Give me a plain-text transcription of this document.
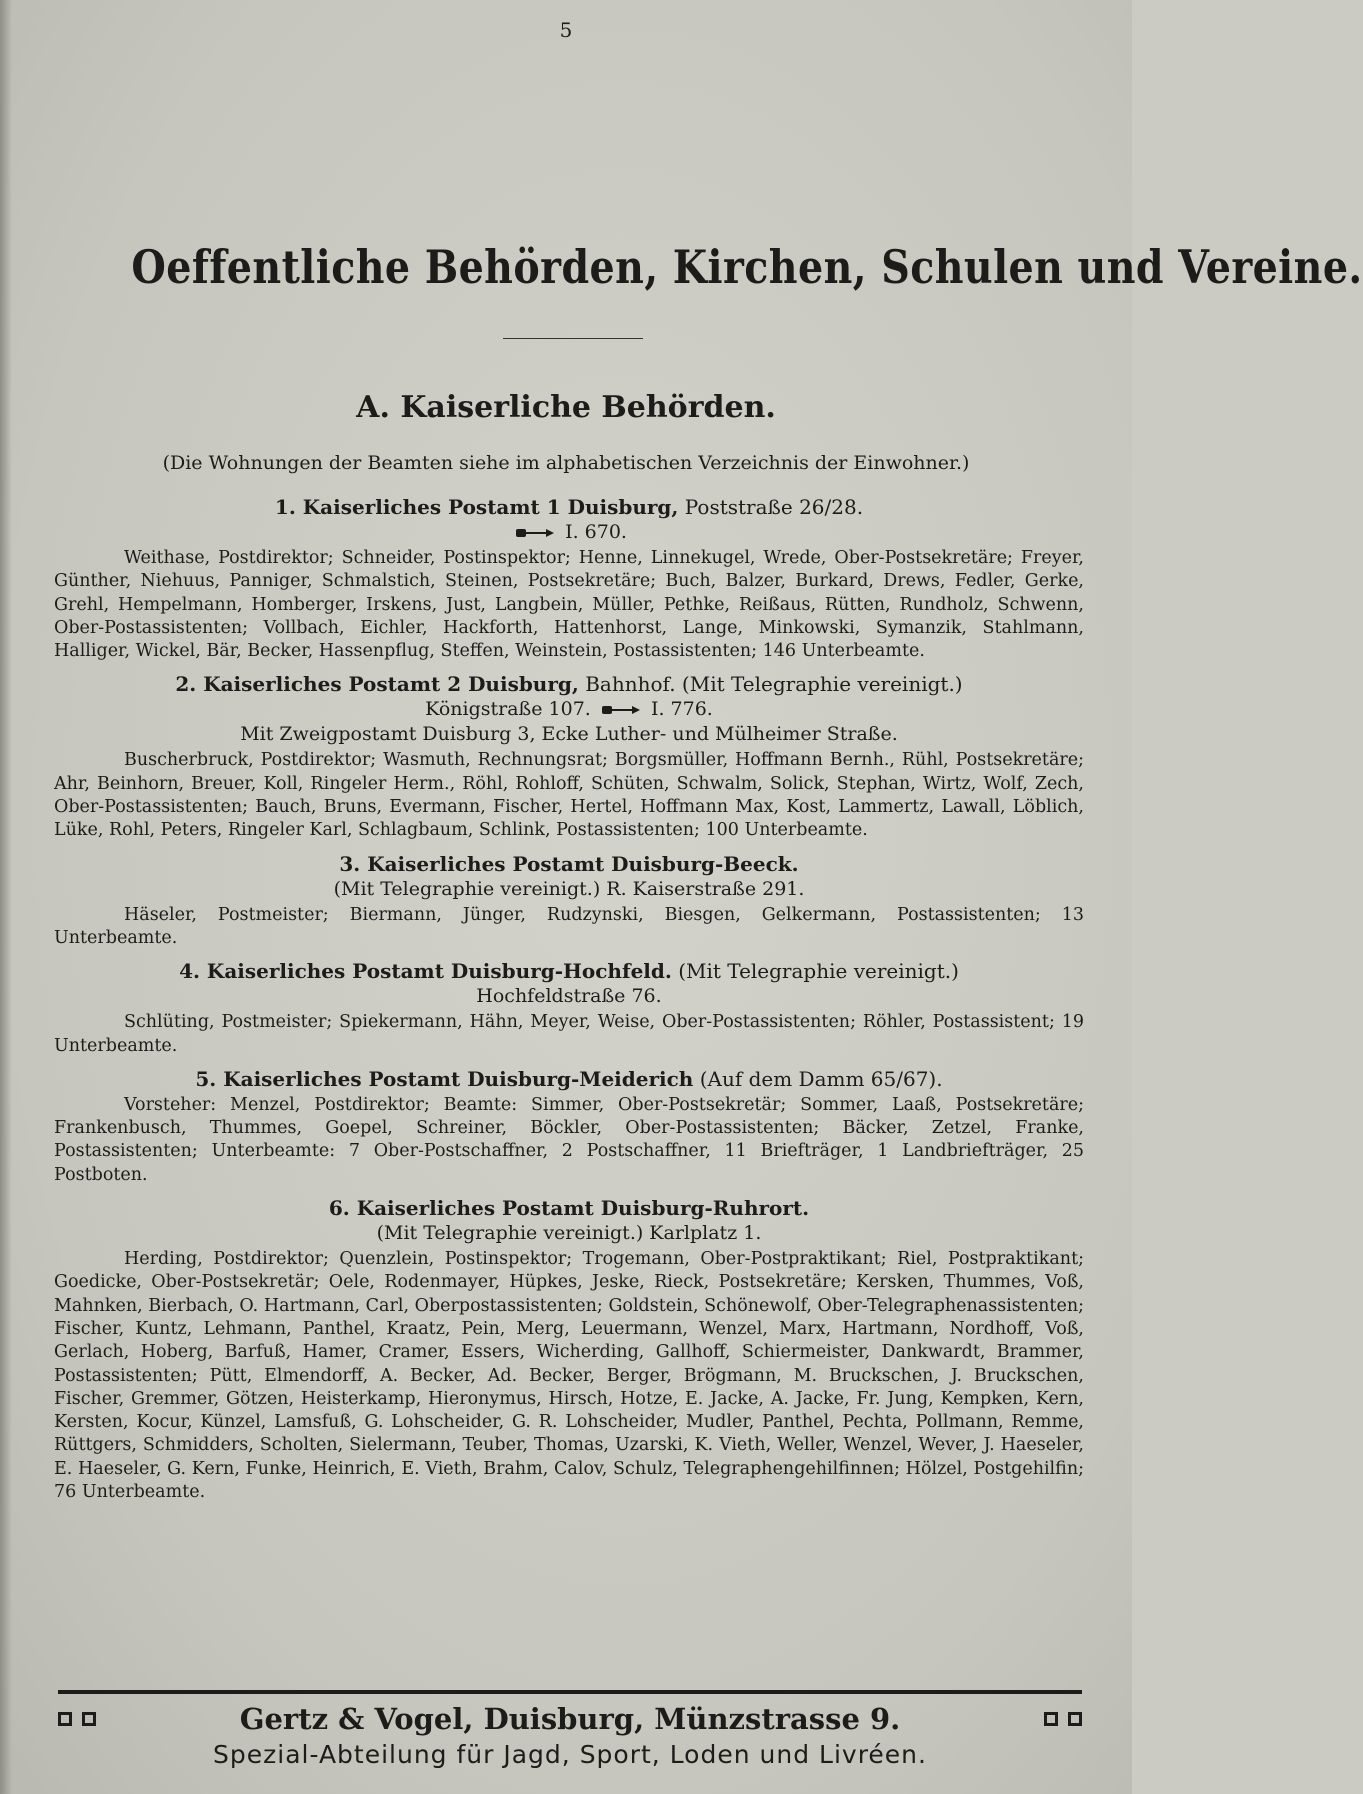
5
Oeffentliche Behörden, Kirchen, Schulen und Vereine.
A. Kaiserliche Behörden.
(Die Wohnungen der Beamten siehe im alphabetischen Verzeichnis der Einwohner.)
1. Kaiserliches Postamt 1 Duisburg, Poststraße 26/28.
I. 670.
Weithase, Postdirektor; Schneider, Postinspektor; Henne, Linnekugel, Wrede, Ober-Postsekretäre; Freyer, Günther, Niehuus, Panniger, Schmalstich, Steinen, Postsekretäre; Buch, Balzer, Burkard, Drews, Fedler, Gerke, Grehl, Hempelmann, Homberger, Irskens, Just, Langbein, Müller, Pethke, Reißaus, Rütten, Rundholz, Schwenn, Ober-Postassistenten; Vollbach, Eichler, Hackforth, Hattenhorst, Lange, Minkowski, Symanzik, Stahlmann, Halliger, Wickel, Bär, Becker, Hassenpflug, Steffen, Weinstein, Postassistenten; 146 Unterbeamte.
2. Kaiserliches Postamt 2 Duisburg, Bahnhof. (Mit Telegraphie vereinigt.)
Königstraße 107.	I. 776.
Mit Zweigpostamt Duisburg 3, Ecke Luther- und Mülheimer Straße.
Buscherbruck, Postdirektor; Wasmuth, Rechnungsrat; Borgsmüller, Hoffmann Bernh., Rühl, Postsekretäre; Ahr, Beinhorn, Breuer, Koll, Ringeler Herm., Röhl, Rohloff, Schüten, Schwalm, Solick, Stephan, Wirtz, Wolf, Zech, Ober-Postassistenten; Bauch, Bruns, Evermann, Fischer, Hertel, Hoffmann Max, Kost, Lammertz, Lawall, Löblich, Lüke, Rohl, Peters, Ringeler Karl, Schlagbaum, Schlink, Postassistenten; 100 Unterbeamte.
3. Kaiserliches Postamt Duisburg-Beeck.
(Mit Telegraphie vereinigt.) R. Kaiserstraße 291.
Häseler, Postmeister; Biermann, Jünger, Rudzynski, Biesgen, Gelkermann, Postassistenten; 13 Unterbeamte.
4. Kaiserliches Postamt Duisburg-Hochfeld. (Mit Telegraphie vereinigt.)
Hochfeldstraße 76.
Schlüting, Postmeister; Spiekermann, Hähn, Meyer, Weise, Ober-Postassistenten; Röhler, Postassistent; 19 Unterbeamte.
5. Kaiserliches Postamt Duisburg-Meiderich (Auf dem Damm 65/67).
Vorsteher: Menzel, Postdirektor; Beamte: Simmer, Ober-Postsekretär; Sommer, Laaß, Postsekretäre; Frankenbusch, Thummes, Goepel, Schreiner, Böckler, Ober-Postassistenten; Bäcker, Zetzel, Franke, Postassistenten; Unterbeamte: 7 Ober-Postschaffner, 2 Postschaffner, 11 Briefträger, 1 Landbriefträger, 25 Postboten.
6. Kaiserliches Postamt Duisburg-Ruhrort.
(Mit Telegraphie vereinigt.) Karlplatz 1.
Herding, Postdirektor; Quenzlein, Postinspektor; Trogemann, Ober-Postpraktikant; Riel, Postpraktikant; Goedicke, Ober-Postsekretär; Oele, Rodenmayer, Hüpkes, Jeske, Rieck, Postsekretäre; Kersken, Thummes, Voß, Mahnken, Bierbach, O. Hartmann, Carl, Oberpostassistenten; Goldstein, Schönewolf, Ober-Telegraphenassistenten; Fischer, Kuntz, Lehmann, Panthel, Kraatz, Pein, Merg, Leuermann, Wenzel, Marx, Hartmann, Nordhoff, Voß, Gerlach, Hoberg, Barfuß, Hamer, Cramer, Essers, Wicherding, Gallhoff, Schiermeister, Dankwardt, Brammer, Postassistenten; Pütt, Elmendorff, A. Becker, Ad. Becker, Berger, Brögmann, M. Bruckschen, J. Bruckschen, Fischer, Gremmer, Götzen, Heisterkamp, Hieronymus, Hirsch, Hotze, E. Jacke, A. Jacke, Fr. Jung, Kempken, Kern, Kersten, Kocur, Künzel, Lamsfuß, G. Lohscheider, G. R. Lohscheider, Mudler, Panthel, Pechta, Pollmann, Remme, Rüttgers, Schmidders, Scholten, Sielermann, Teuber, Thomas, Uzarski, K. Vieth, Weller, Wenzel, Wever, J. Haeseler, E. Haeseler, G. Kern, Funke, Heinrich, E. Vieth, Brahm, Calov, Schulz, Telegraphengehilfinnen; Hölzel, Postgehilfin; 76 Unterbeamte.
Gertz & Vogel, Duisburg, Münzstrasse 9.
Spezial-Abteilung für Jagd, Sport, Loden und Livréen.
